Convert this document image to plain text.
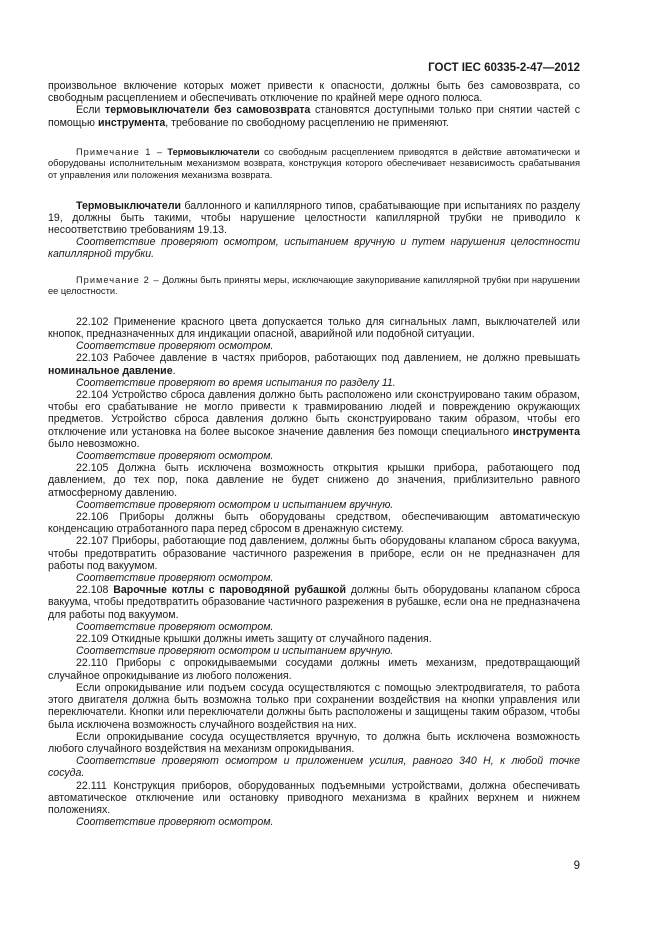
ГОСТ IEC 60335-2-47—2012

произвольное включение которых может привести к опасности, должны быть без самовозврата, со свободным расцеплением и обеспечивать отключение по крайней мере одного полюса.

Если термовыключатели без самовозврата становятся доступными только при снятии частей с помощью инструмента, требование по свободному расцеплению не применяют.

Примечание 1 – Термовыключатели со свободным расцеплением приводятся в действие автоматически и оборудованы исполнительным механизмом возврата, конструкция которого обеспечивает независимость срабатывания от управления или положения механизма возврата.

Термовыключатели баллонного и капиллярного типов, срабатывающие при испытаниях по разделу 19, должны быть такими, чтобы нарушение целостности капиллярной трубки не приводило к несоответствию требованиям 19.13.

Соответствие проверяют осмотром, испытанием вручную и путем нарушения целостности капиллярной трубки.

Примечание 2 – Должны быть приняты меры, исключающие закупоривание капиллярной трубки при нарушении ее целостности.

22.102 Применение красного цвета допускается только для сигнальных ламп, выключателей или кнопок, предназначенных для индикации опасной, аварийной или подобной ситуации.

Соответствие проверяют осмотром.

22.103 Рабочее давление в частях приборов, работающих под давлением, не должно превышать номинальное давление.

Соответствие проверяют во время испытания по разделу 11.

22.104 Устройство сброса давления должно быть расположено или сконструировано таким образом, чтобы его срабатывание не могло привести к травмированию людей и повреждению окружающих предметов. Устройство сброса давления должно быть сконструировано таким образом, чтобы его отключение или установка на более высокое значение давления без помощи специального инструмента было невозможно.

Соответствие проверяют осмотром.

22.105 Должна быть исключена возможность открытия крышки прибора, работающего под давлением, до тех пор, пока давление не будет снижено до значения, приблизительно равного атмосферному давлению.

Соответствие проверяют осмотром и испытанием вручную.

22.106 Приборы должны быть оборудованы средством, обеспечивающим автоматическую конденсацию отработанного пара перед сбросом в дренажную систему.

22.107 Приборы, работающие под давлением, должны быть оборудованы клапаном сброса вакуума, чтобы предотвратить образование частичного разрежения в приборе, если он не предназначен для работы под вакуумом.

Соответствие проверяют осмотром.

22.108 Варочные котлы с пароводяной рубашкой должны быть оборудованы клапаном сброса вакуума, чтобы предотвратить образование частичного разрежения в рубашке, если она не предназначена для работы под вакуумом.

Соответствие проверяют осмотром.

22.109 Откидные крышки должны иметь защиту от случайного падения.

Соответствие проверяют осмотром и испытанием вручную.

22.110 Приборы с опрокидываемыми сосудами должны иметь механизм, предотвращающий случайное опрокидывание из любого положения.

Если опрокидывание или подъем сосуда осуществляются с помощью электродвигателя, то работа этого двигателя должна быть возможна только при сохранении воздействия на кнопки управления или переключатели. Кнопки или переключатели должны быть расположены и защищены таким образом, чтобы была исключена возможность случайного воздействия на них.

Если опрокидывание сосуда осуществляется вручную, то должна быть исключена возможность любого случайного воздействия на механизм опрокидывания.

Соответствие проверяют осмотром и приложением усилия, равного 340 Н, к любой точке сосуда.

22.111 Конструкция приборов, оборудованных подъемными устройствами, должна обеспечивать автоматическое отключение или остановку приводного механизма в крайних верхнем и нижнем положениях.

Соответствие проверяют осмотром.

9
